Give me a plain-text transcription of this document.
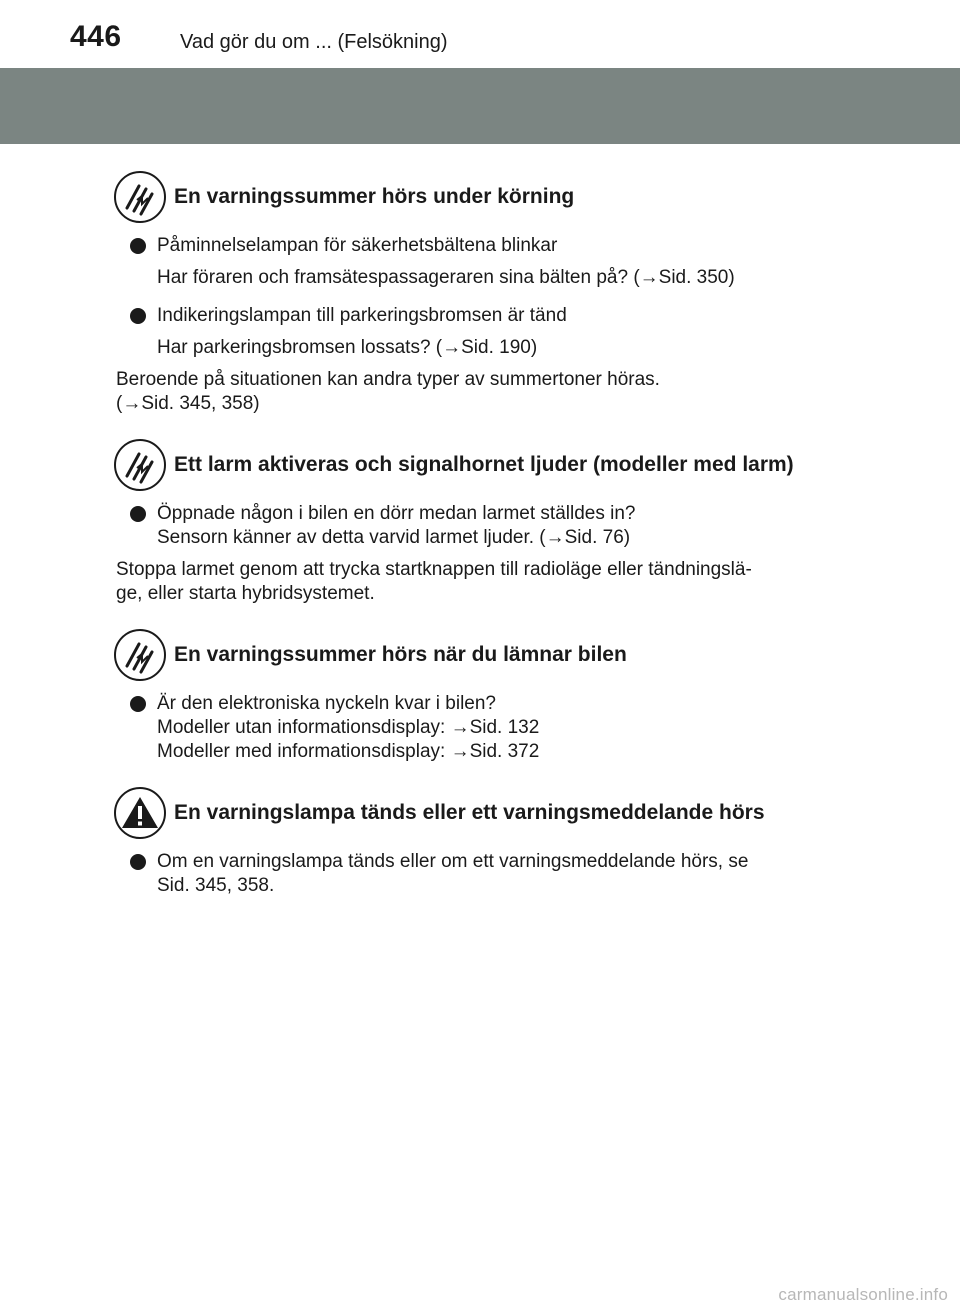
446	Vad gör du om ... (Felsökning)
En varningssummer hörs under körning
Påminnelselampan för säkerhetsbältena blinkar
Har föraren och framsätespassageraren sina bälten på? (→Sid. 350)
Indikeringslampan till parkeringsbromsen är tänd
Har parkeringsbromsen lossats? (→Sid. 190)
Beroende på situationen kan andra typer av summertoner höras.
(→Sid. 345, 358)
Ett larm aktiveras och signalhornet ljuder (modeller med larm)
Öppnade någon i bilen en dörr medan larmet ställdes in?
Sensorn känner av detta varvid larmet ljuder. (→Sid. 76)
Stoppa larmet genom att trycka startknappen till radioläge eller tändningslä-
ge, eller starta hybridsystemet.
En varningssummer hörs när du lämnar bilen
Är den elektroniska nyckeln kvar i bilen?
Modeller utan informationsdisplay: →Sid. 132
Modeller med informationsdisplay: →Sid. 372
En varningslampa tänds eller ett varningsmeddelande hörs
Om en varningslampa tänds eller om ett varningsmeddelande hörs, se
Sid. 345, 358.
carmanualsonline.info
